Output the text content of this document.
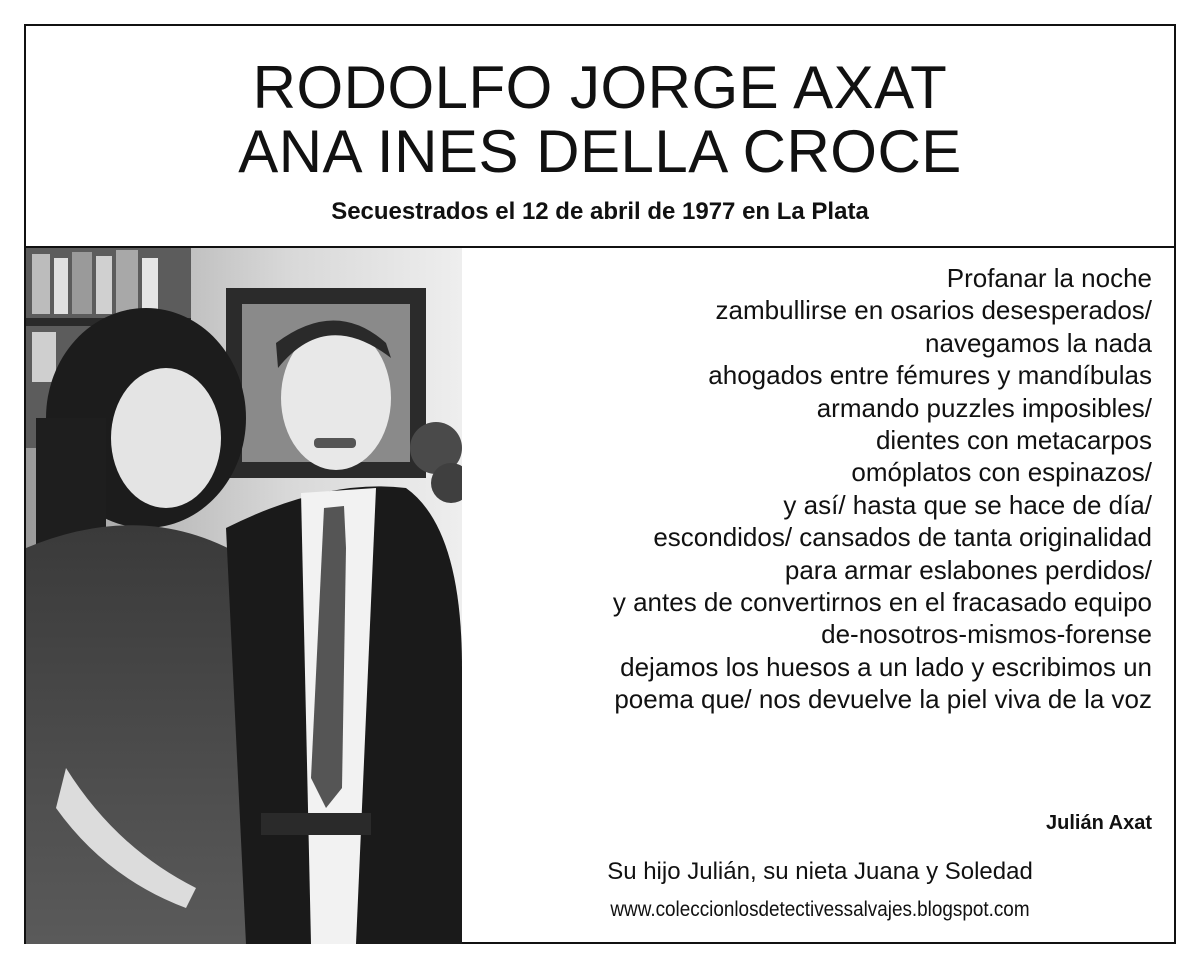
RODOLFO JORGE AXAT
ANA INES DELLA CROCE
Secuestrados el 12 de abril de 1977 en La Plata
Profanar la noche
zambullirse en osarios desesperados/
navegamos la nada
ahogados entre fémures y mandíbulas
armando puzzles imposibles/
dientes con metacarpos
omóplatos con espinazos/
y así/ hasta que se hace de día/
escondidos/ cansados de tanta originalidad
para armar eslabones perdidos/
y antes de convertirnos en el fracasado equipo
de-nosotros-mismos-forense
dejamos los huesos a un lado y escribimos un
poema que/ nos devuelve la piel viva de la voz
Julián Axat
Su hijo Julián, su nieta Juana y Soledad
www.coleccionlosdetectivessalvajes.blogspot.com
